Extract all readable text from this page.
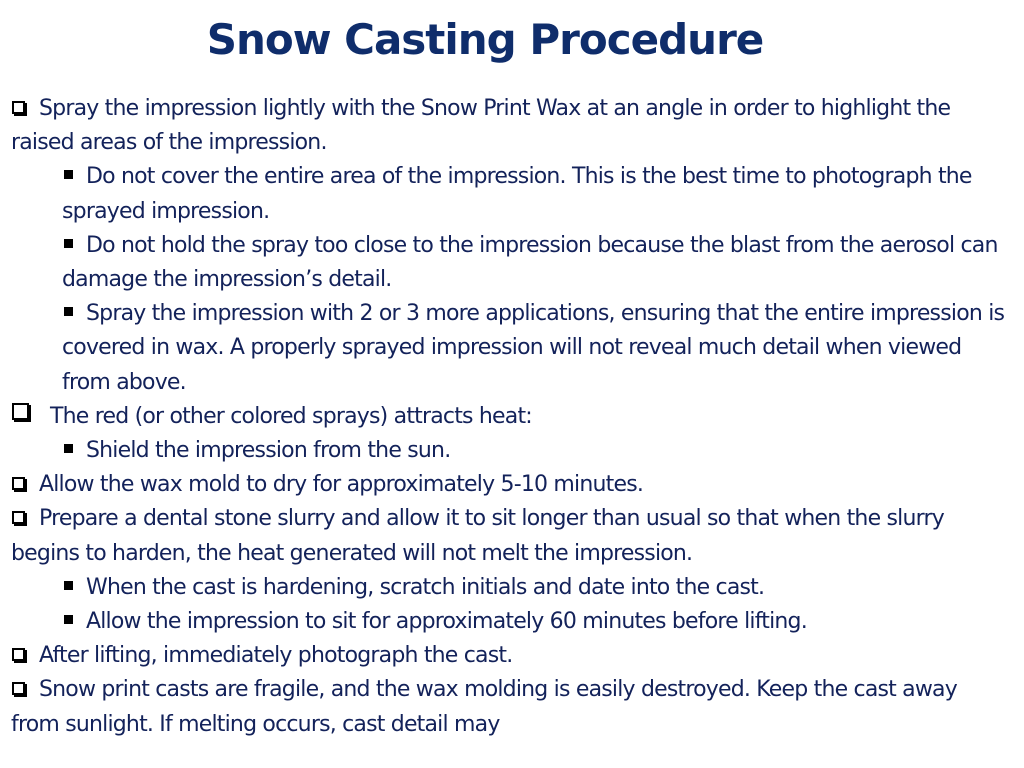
Snow Casting Procedure

Spray the impression lightly with the Snow Print Wax at an angle in order to highlight the raised areas of the impression.

Do not cover the entire area of the impression. This is the best time to photograph the sprayed impression.

Do not hold the spray too close to the impression because the blast from the aerosol can damage the impression’s detail.

Spray the impression with 2 or 3 more applications, ensuring that the entire impression is covered in wax. A properly sprayed impression will not reveal much detail when viewed from above.

The red (or other colored sprays) attracts heat:

Shield the impression from the sun.

Allow the wax mold to dry for approximately 5-10 minutes.

Prepare a dental stone slurry and allow it to sit longer than usual so that when the slurry begins to harden, the heat generated will not melt the impression.

When the cast is hardening, scratch initials and date into the cast.

Allow the impression to sit for approximately 60 minutes before lifting.

After lifting, immediately photograph the cast.

Snow print casts are fragile, and the wax molding is easily destroyed. Keep the cast away from sunlight. If melting occurs, cast detail may
